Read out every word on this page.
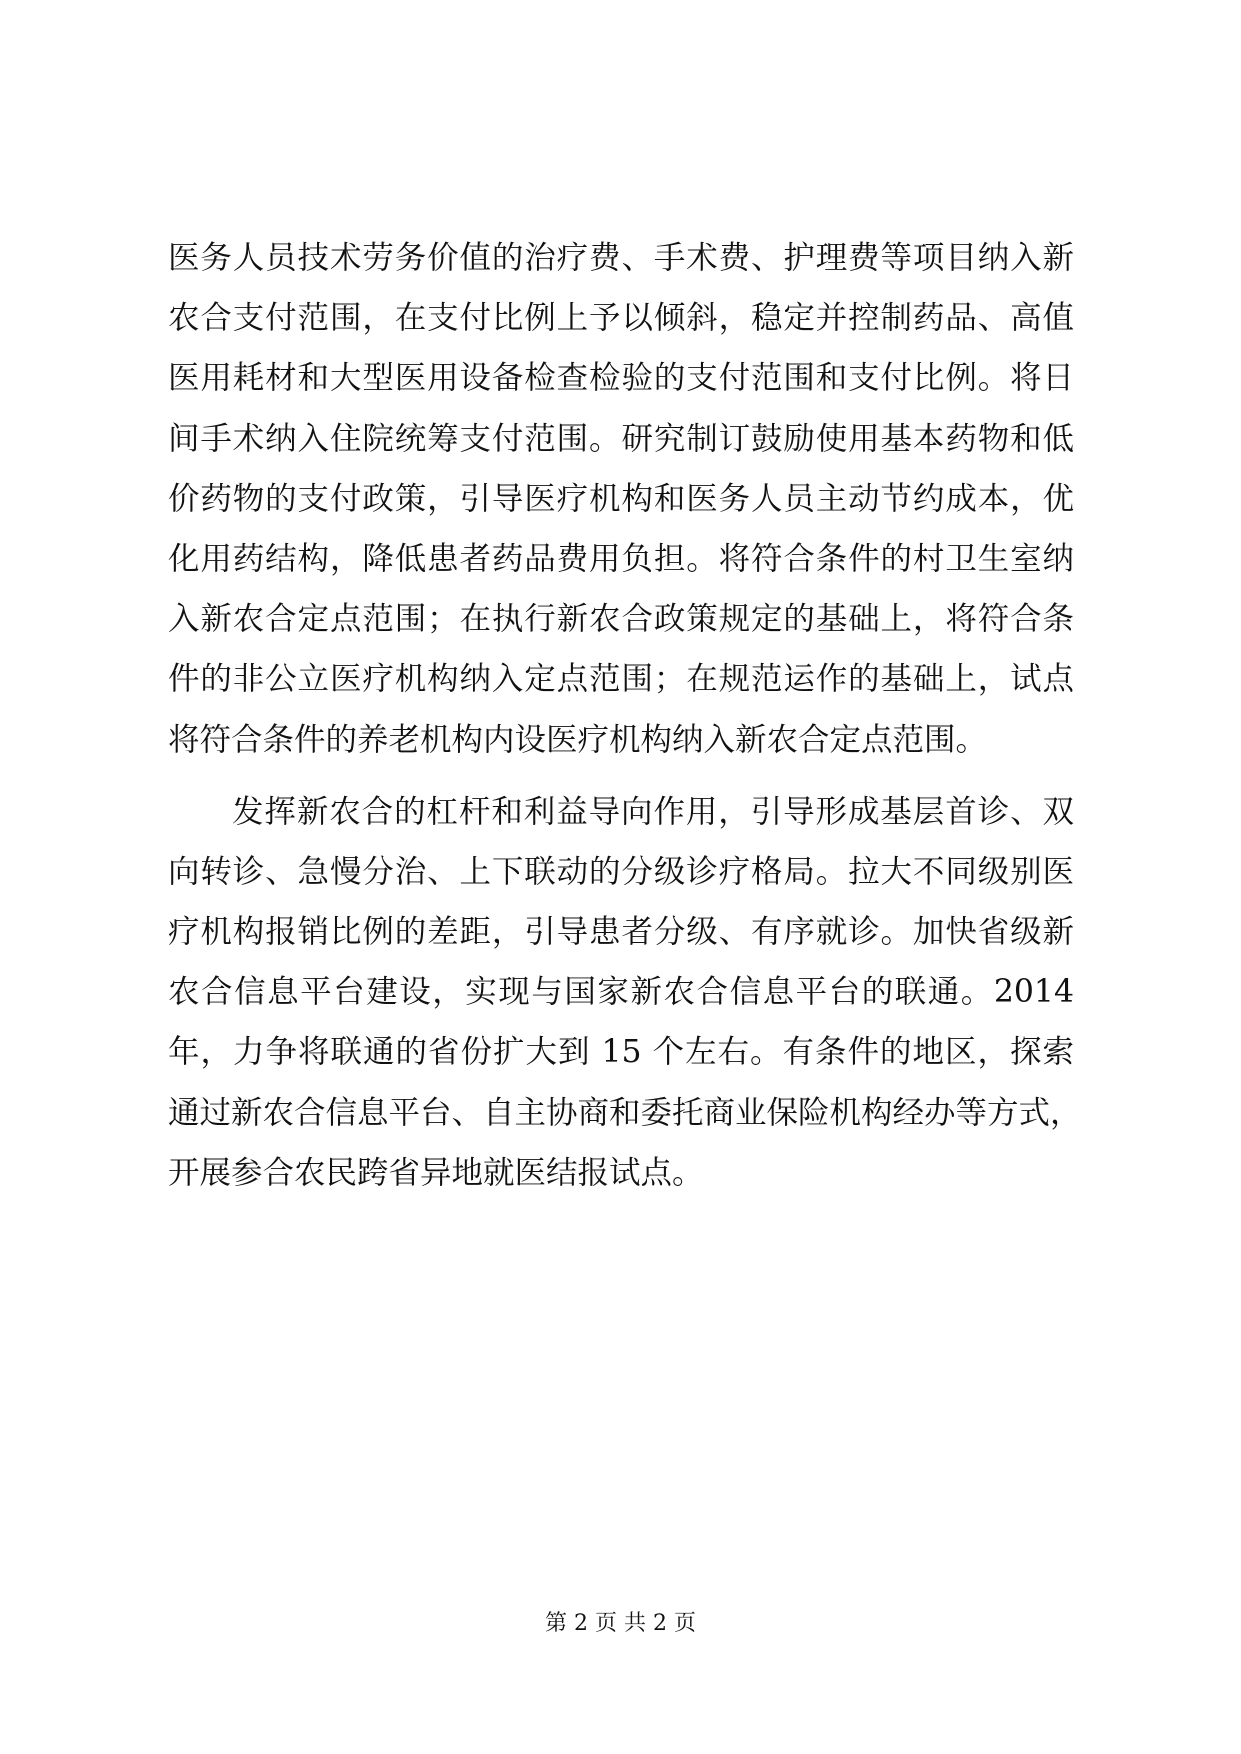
医务人员技术劳务价值的治疗费、手术费、护理费等项目纳入新
农合支付范围，在支付比例上予以倾斜，稳定并控制药品、高值
医用耗材和大型医用设备检查检验的支付范围和支付比例。将日
间手术纳入住院统筹支付范围。研究制订鼓励使用基本药物和低
价药物的支付政策，引导医疗机构和医务人员主动节约成本，优
化用药结构，降低患者药品费用负担。将符合条件的村卫生室纳
入新农合定点范围；在执行新农合政策规定的基础上，将符合条
件的非公立医疗机构纳入定点范围；在规范运作的基础上，试点
将符合条件的养老机构内设医疗机构纳入新农合定点范围。
发挥新农合的杠杆和利益导向作用，引导形成基层首诊、双
向转诊、急慢分治、上下联动的分级诊疗格局。拉大不同级别医
疗机构报销比例的差距，引导患者分级、有序就诊。加快省级新
农合信息平台建设，实现与国家新农合信息平台的联通。2014
年，力争将联通的省份扩大到 15 个左右。有条件的地区，探索
通过新农合信息平台、自主协商和委托商业保险机构经办等方式，
开展参合农民跨省异地就医结报试点。
第 2 页 共 2 页
